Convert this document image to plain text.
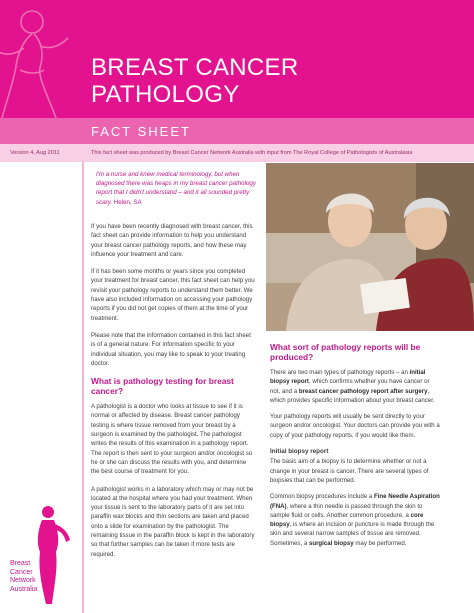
BREAST CANCER
PATHOLOGY
FACT SHEET
Version 4, Aug 2011	This fact sheet was produced by Breast Cancer Network Australia with input from The Royal College of Pathologists of Australasia
I'm a nurse and knew medical terminology, but when diagnosed there was heaps in my breast cancer pathology report that I didn't understand – and it all sounded pretty scary. Helen, SA

If you have been recently diagnosed with breast cancer, this fact sheet can provide information to help you understand your breast cancer pathology reports, and how these may influence your treatment and care.

If it has been some months or years since you completed your treatment for breast cancer, this fact sheet can help you revisit your pathology reports to understand them better. We have also included information on accessing your pathology reports if you did not get copies of them at the time of your treatment.

Please note that the information contained in this fact sheet is of a general nature. For information specific to your individual situation, you may like to speak to your treating doctor.

What is pathology testing for breast cancer?

A pathologist is a doctor who looks at tissue to see if it is normal or affected by disease. Breast cancer pathology testing is where tissue removed from your breast by a surgeon is examined by the pathologist. The pathologist writes the results of this examination in a pathology report. The report is then sent to your surgeon and/or oncologist so he or she can discuss the results with you, and determine the best course of treatment for you.

A pathologist works in a laboratory which may or may not be located at the hospital where you had your treatment. When your tissue is sent to the laboratory parts of it are set into paraffin wax blocks and thin sections are taken and placed onto a slide for examination by the pathologist. The remaining tissue in the paraffin block is kept in the laboratory so that further samples can be taken if more tests are required.

What sort of pathology reports will be produced?

There are two main types of pathology reports – an initial biopsy report, which confirms whether you have cancer or not, and a breast cancer pathology report after surgery, which provides specific information about your breast cancer.

Your pathology reports will usually be sent directly to your surgeon and/or oncologist. Your doctors can provide you with a copy of your pathology reports, if you would like them.

Initial biopsy report

The basic aim of a biopsy is to determine whether or not a change in your breast is cancer. There are several types of biopsies that can be performed.

Common biopsy procedures include a Fine Needle Aspiration (FNA), where a thin needle is passed through the skin to sample fluid or cells. Another common procedure, a core biopsy, is where an incision or puncture is made through the skin and several narrow samples of tissue are removed. Sometimes, a surgical biopsy may be performed.

Breast
Cancer
Network
Australia
